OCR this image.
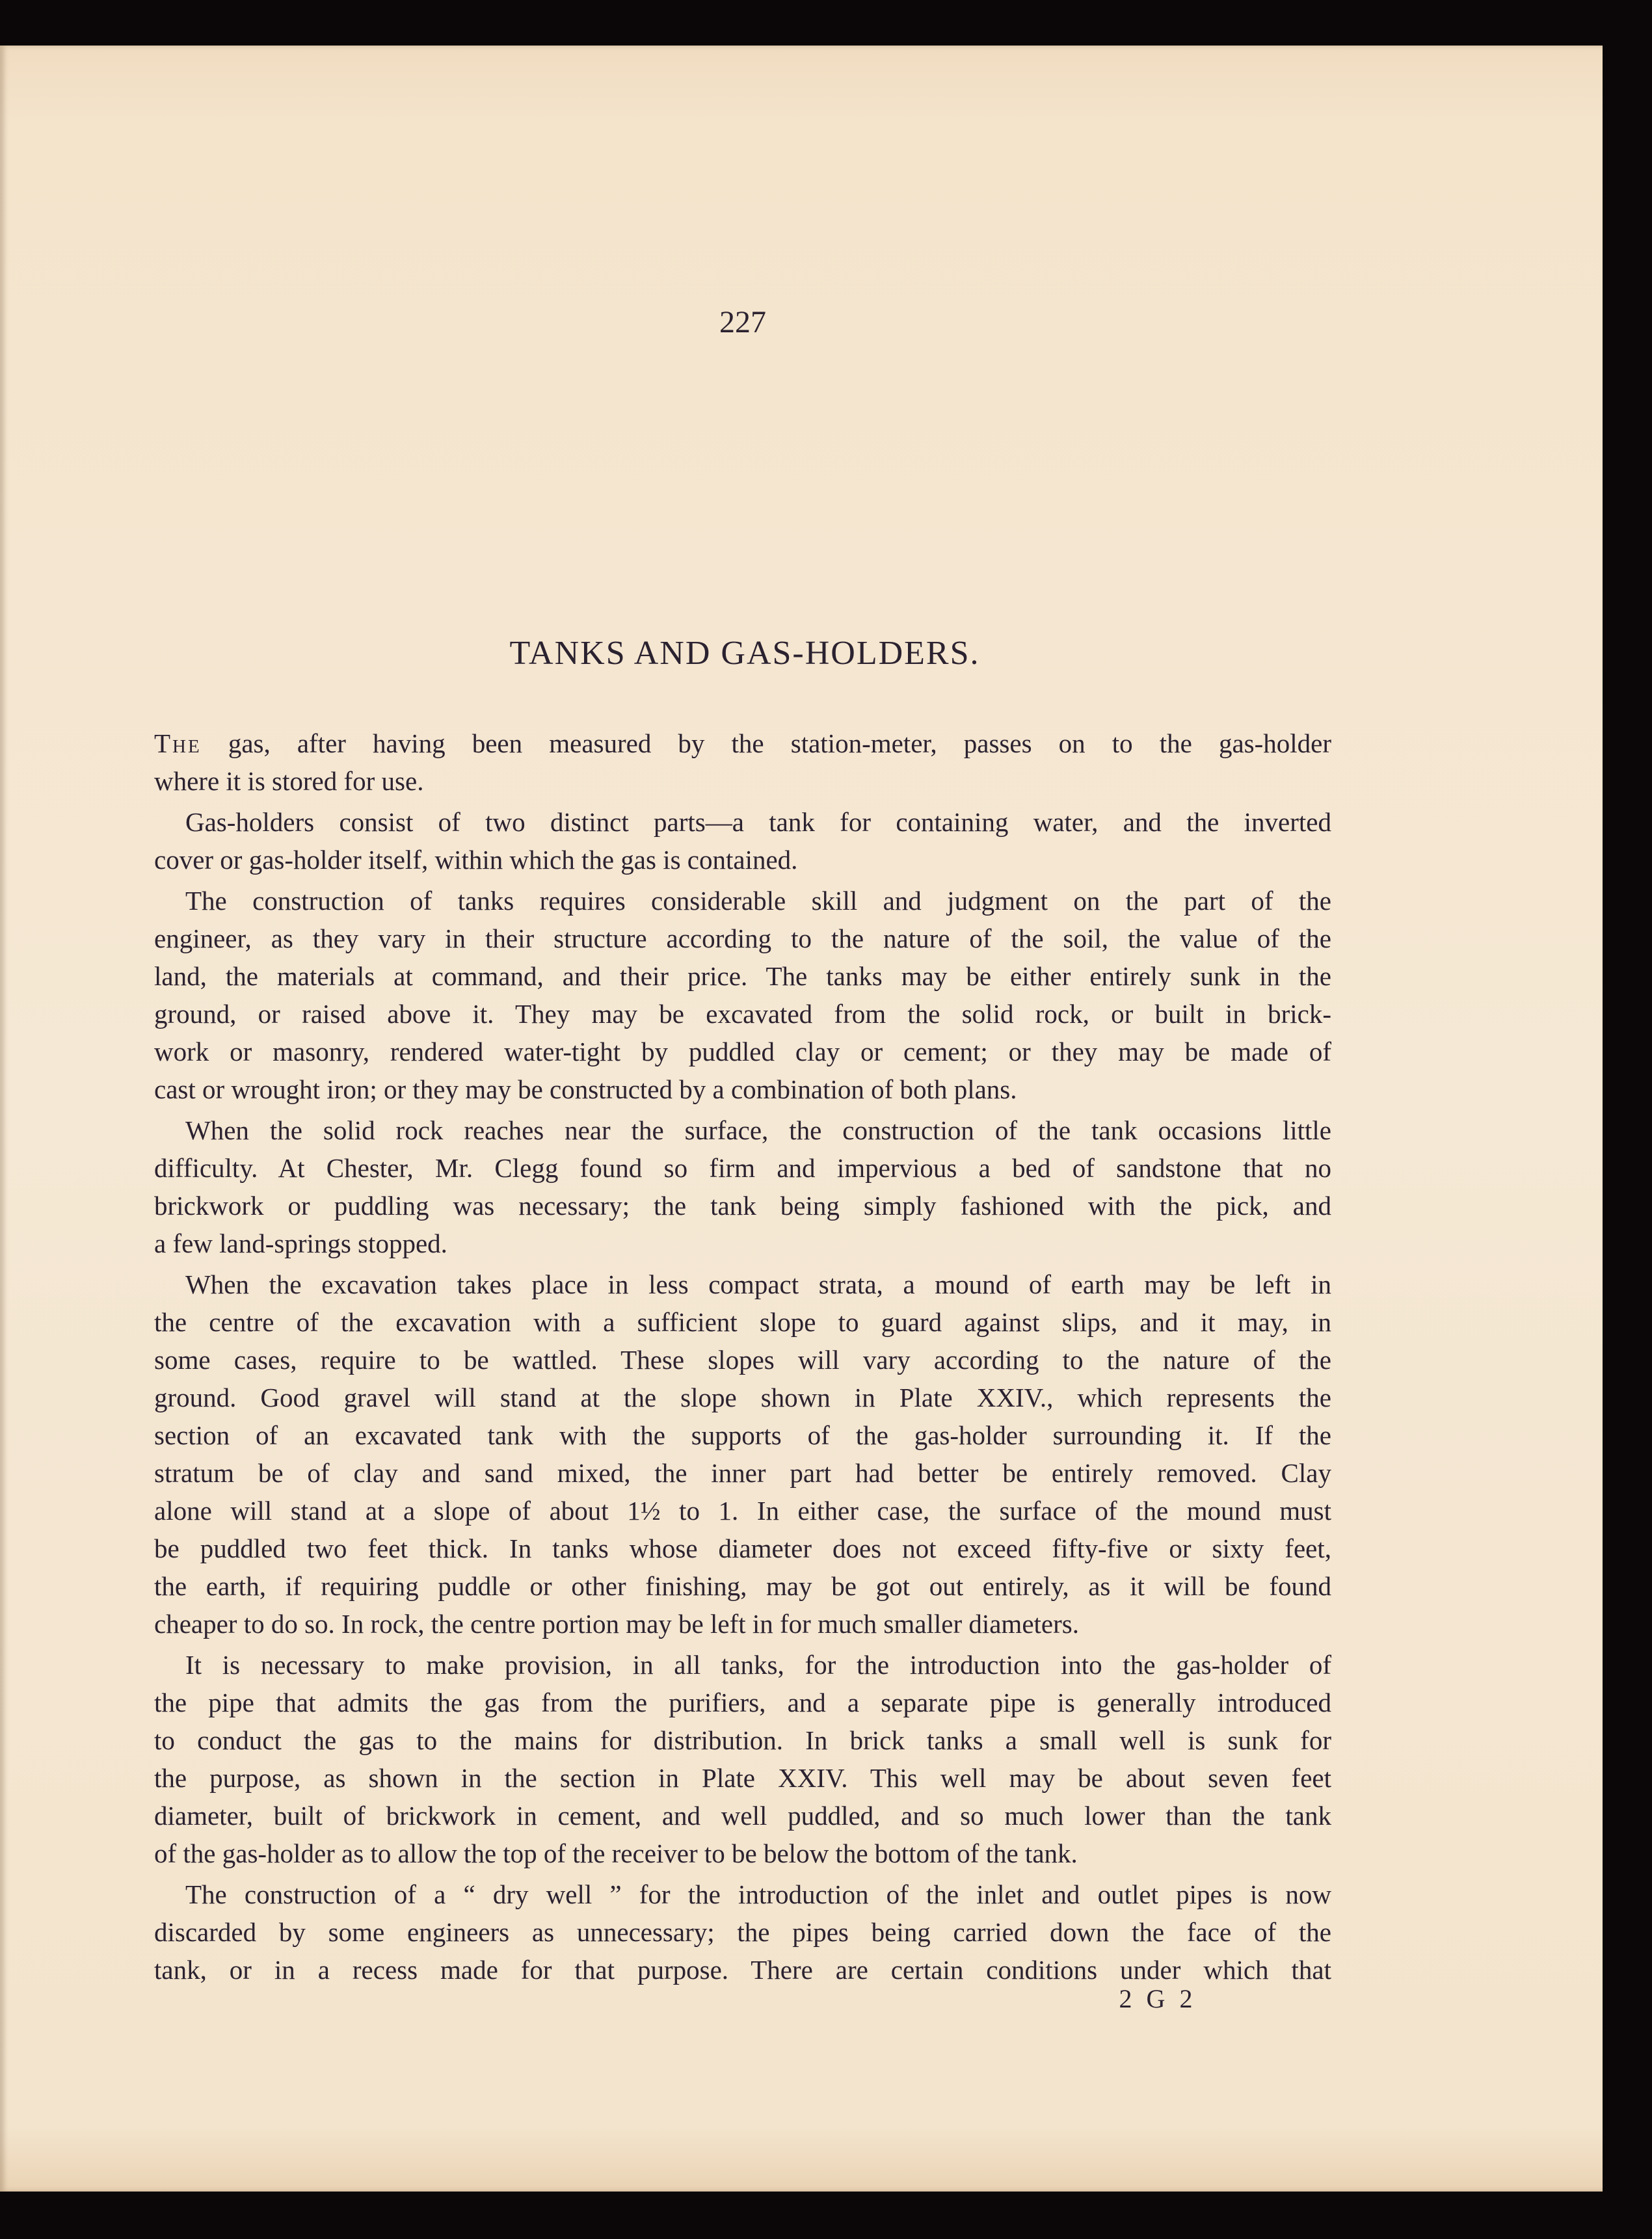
227
TANKS AND GAS-HOLDERS.
The gas, after having been measured by the station-meter, passes on to the gas-holder
where it is stored for use.
Gas-holders consist of two distinct parts—a tank for containing water, and the inverted
cover or gas-holder itself, within which the gas is contained.
The construction of tanks requires considerable skill and judgment on the part of the
engineer, as they vary in their structure according to the nature of the soil, the value of the
land, the materials at command, and their price. The tanks may be either entirely sunk in the
ground, or raised above it. They may be excavated from the solid rock, or built in brick-
work or masonry, rendered water-tight by puddled clay or cement; or they may be made of
cast or wrought iron; or they may be constructed by a combination of both plans.
When the solid rock reaches near the surface, the construction of the tank occasions little
difficulty. At Chester, Mr. Clegg found so firm and impervious a bed of sandstone that no
brickwork or puddling was necessary; the tank being simply fashioned with the pick, and
a few land-springs stopped.
When the excavation takes place in less compact strata, a mound of earth may be left in
the centre of the excavation with a sufficient slope to guard against slips, and it may, in
some cases, require to be wattled. These slopes will vary according to the nature of the
ground. Good gravel will stand at the slope shown in Plate XXIV., which represents the
section of an excavated tank with the supports of the gas-holder surrounding it. If the
stratum be of clay and sand mixed, the inner part had better be entirely removed. Clay
alone will stand at a slope of about 1½ to 1. In either case, the surface of the mound must
be puddled two feet thick. In tanks whose diameter does not exceed fifty-five or sixty feet,
the earth, if requiring puddle or other finishing, may be got out entirely, as it will be found
cheaper to do so. In rock, the centre portion may be left in for much smaller diameters.
It is necessary to make provision, in all tanks, for the introduction into the gas-holder of
the pipe that admits the gas from the purifiers, and a separate pipe is generally introduced
to conduct the gas to the mains for distribution. In brick tanks a small well is sunk for
the purpose, as shown in the section in Plate XXIV. This well may be about seven feet
diameter, built of brickwork in cement, and well puddled, and so much lower than the tank
of the gas-holder as to allow the top of the receiver to be below the bottom of the tank.
The construction of a “ dry well ” for the introduction of the inlet and outlet pipes is now
discarded by some engineers as unnecessary; the pipes being carried down the face of the
tank, or in a recess made for that purpose. There are certain conditions under which that
2 G 2
